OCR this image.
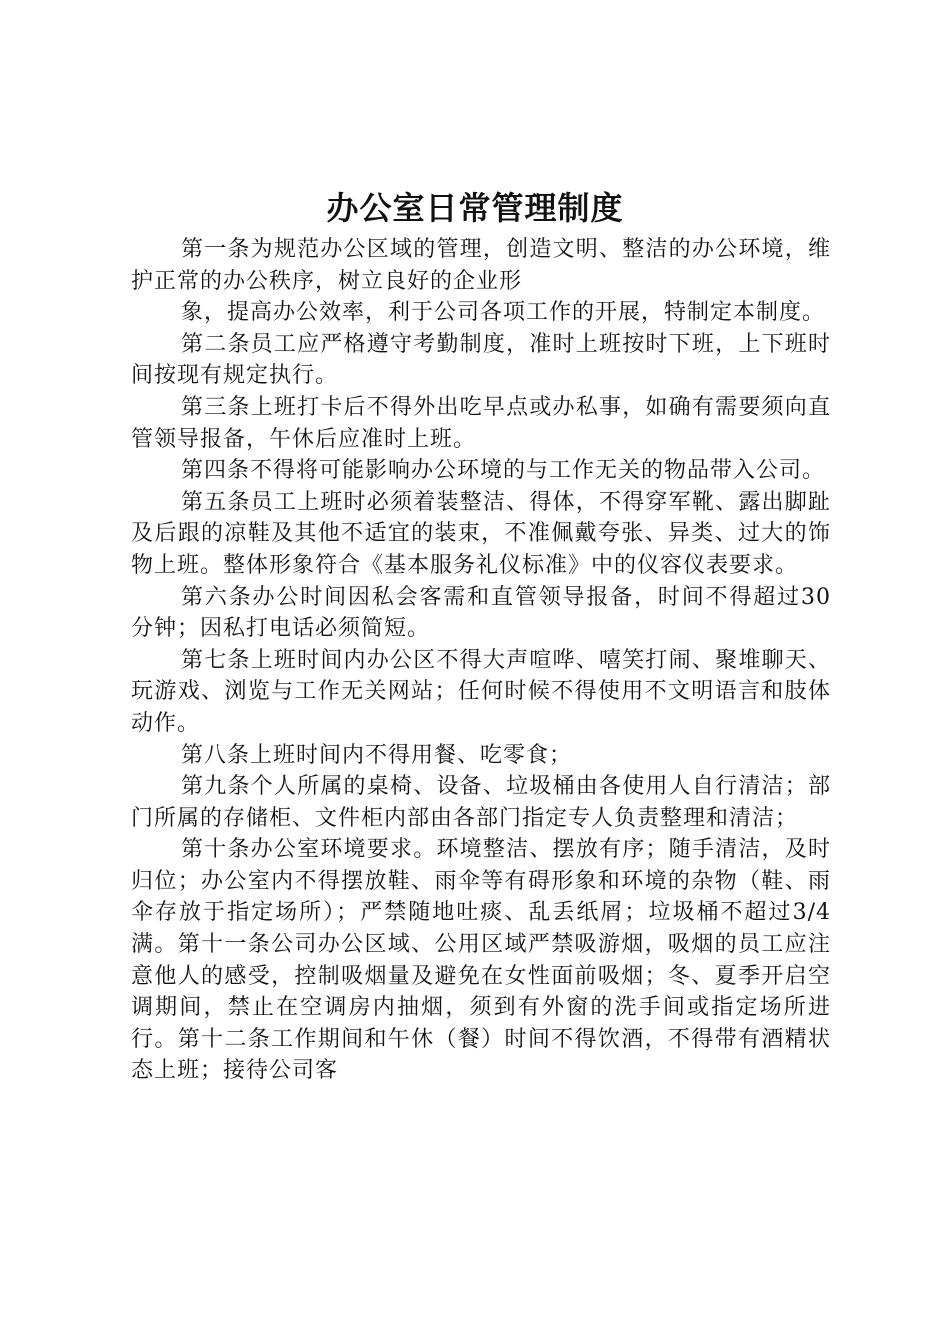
办公室日常管理制度

第一条为规范办公区域的管理，创造文明、整洁的办公环境，维护正常的办公秩序，树立良好的企业形

象，提高办公效率，利于公司各项工作的开展，特制定本制度。

第二条员工应严格遵守考勤制度，准时上班按时下班，上下班时间按现有规定执行。

第三条上班打卡后不得外出吃早点或办私事，如确有需要须向直管领导报备，午休后应准时上班。

第四条不得将可能影响办公环境的与工作无关的物品带入公司。

第五条员工上班时必须着装整洁、得体，不得穿军靴、露出脚趾及后跟的凉鞋及其他不适宜的装束，不准佩戴夸张、异类、过大的饰物上班。整体形象符合《基本服务礼仪标准》中的仪容仪表要求。

第六条办公时间因私会客需和直管领导报备，时间不得超过30分钟；因私打电话必须简短。

第七条上班时间内办公区不得大声喧哗、嘻笑打闹、聚堆聊天、玩游戏、浏览与工作无关网站；任何时候不得使用不文明语言和肢体动作。

第八条上班时间内不得用餐、吃零食；

第九条个人所属的桌椅、设备、垃圾桶由各使用人自行清洁；部门所属的存储柜、文件柜内部由各部门指定专人负责整理和清洁；

第十条办公室环境要求。环境整洁、摆放有序；随手清洁，及时归位；办公室内不得摆放鞋、雨伞等有碍形象和环境的杂物（鞋、雨伞存放于指定场所）；严禁随地吐痰、乱丢纸屑；垃圾桶不超过3/4满。第十一条公司办公区域、公用区域严禁吸游烟，吸烟的员工应注意他人的感受，控制吸烟量及避免在女性面前吸烟；冬、夏季开启空调期间，禁止在空调房内抽烟，须到有外窗的洗手间或指定场所进行。第十二条工作期间和午休（餐）时间不得饮酒，不得带有酒精状态上班；接待公司客
